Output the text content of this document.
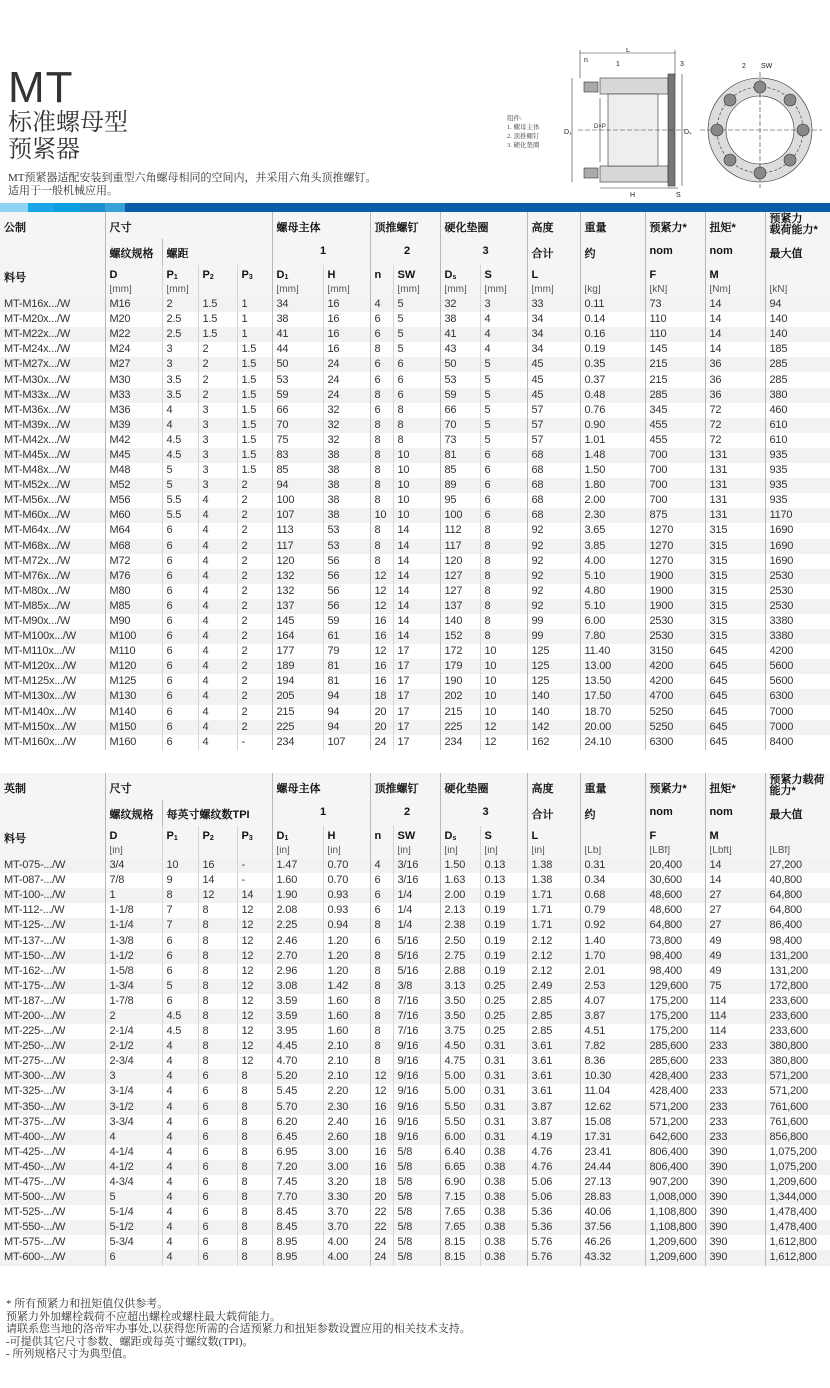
MT
标准螺母型
预紧器
MT预紧器适配安装到重型六角螺母相同的空间内，并采用六角头顶推螺钉。
适用于一般机械应用。
组件:
1. 螺母主体
2. 顶推螺钉
3. 硬化垫圈
L
n
1	3	2 SW
H	S
D₁
D×P
Dₛ
公制	尺寸				螺母主体		顶推螺钉		硬化垫圈		高度	重量	预紧力*	扭矩*	预紧力
载荷能力*
	螺纹规格	螺距			1		2		3		合计	约	nom	nom	最大值
料号	D	$P_1$	$P_2$	$P_3$	$D_1$	H	n	SW	$D_s$	S	L		F	M	
	[mm]	[mm]			[mm]	[mm]		[mm]	[mm]	[mm]	[mm]	[kg]	[kN]	[Nm]	[kN]
MT-M16x.../W	M16	2	1.5	1	34	16	4	5	32	3	33	0.11	73	14	94
MT-M20x.../W	M20	2.5	1.5	1	38	16	6	5	38	4	34	0.14	110	14	140
MT-M22x.../W	M22	2.5	1.5	1	41	16	6	5	41	4	34	0.16	110	14	140
MT-M24x.../W	M24	3	2	1.5	44	16	8	5	43	4	34	0.19	145	14	185
MT-M27x.../W	M27	3	2	1.5	50	24	6	6	50	5	45	0.35	215	36	285
MT-M30x.../W	M30	3.5	2	1.5	53	24	6	6	53	5	45	0.37	215	36	285
MT-M33x.../W	M33	3.5	2	1.5	59	24	8	6	59	5	45	0.48	285	36	380
MT-M36x.../W	M36	4	3	1.5	66	32	6	8	66	5	57	0.76	345	72	460
MT-M39x.../W	M39	4	3	1.5	70	32	8	8	70	5	57	0.90	455	72	610
MT-M42x.../W	M42	4.5	3	1.5	75	32	8	8	73	5	57	1.01	455	72	610
MT-M45x.../W	M45	4.5	3	1.5	83	38	8	10	81	6	68	1.48	700	131	935
MT-M48x.../W	M48	5	3	1.5	85	38	8	10	85	6	68	1.50	700	131	935
MT-M52x.../W	M52	5	3	2	94	38	8	10	89	6	68	1.80	700	131	935
MT-M56x.../W	M56	5.5	4	2	100	38	8	10	95	6	68	2.00	700	131	935
MT-M60x.../W	M60	5.5	4	2	107	38	10	10	100	6	68	2.30	875	131	1170
MT-M64x.../W	M64	6	4	2	113	53	8	14	112	8	92	3.65	1270	315	1690
MT-M68x.../W	M68	6	4	2	117	53	8	14	117	8	92	3.85	1270	315	1690
MT-M72x.../W	M72	6	4	2	120	56	8	14	120	8	92	4.00	1270	315	1690
MT-M76x.../W	M76	6	4	2	132	56	12	14	127	8	92	5.10	1900	315	2530
MT-M80x.../W	M80	6	4	2	132	56	12	14	127	8	92	4.80	1900	315	2530
MT-M85x.../W	M85	6	4	2	137	56	12	14	137	8	92	5.10	1900	315	2530
MT-M90x.../W	M90	6	4	2	145	59	16	14	140	8	99	6.00	2530	315	3380
MT-M100x.../W	M100	6	4	2	164	61	16	14	152	8	99	7.80	2530	315	3380
MT-M110x.../W	M110	6	4	2	177	79	12	17	172	10	125	11.40	3150	645	4200
MT-M120x.../W	M120	6	4	2	189	81	16	17	179	10	125	13.00	4200	645	5600
MT-M125x.../W	M125	6	4	2	194	81	16	17	190	10	125	13.50	4200	645	5600
MT-M130x.../W	M130	6	4	2	205	94	18	17	202	10	140	17.50	4700	645	6300
MT-M140x.../W	M140	6	4	2	215	94	20	17	215	10	140	18.70	5250	645	7000
MT-M150x.../W	M150	6	4	2	225	94	20	17	225	12	142	20.00	5250	645	7000
MT-M160x.../W	M160	6	4	-	234	107	24	17	234	12	162	24.10	6300	645	8400
英制	尺寸				螺母主体		顶推螺钉		硬化垫圈		高度	重量	预紧力*	扭矩*	预紧力载荷
能力*
	螺纹规格	每英寸螺纹数TPI			1		2		3		合计	约	nom	nom	最大值
料号	D	$P_1$	$P_2$	$P_3$	$D_1$	H	n	SW	$D_s$	S	L		F	M	
	[in]				[in]	[in]		[in]	[in]	[in]	[in]	[Lb]	[LBf]	[Lbft]	[LBf]
MT-075-.../W	3/4	10	16	-	1.47	0.70	4	3/16	1.50	0.13	1.38	0.31	20,400	14	27,200
MT-087-.../W	7/8	9	14	-	1.60	0.70	6	3/16	1.63	0.13	1.38	0.34	30,600	14	40,800
MT-100-.../W	1	8	12	14	1.90	0.93	6	1/4	2.00	0.19	1.71	0.68	48,600	27	64,800
MT-112-.../W	1-1/8	7	8	12	2.08	0.93	6	1/4	2.13	0.19	1.71	0.79	48,600	27	64,800
MT-125-.../W	1-1/4	7	8	12	2.25	0.94	8	1/4	2.38	0.19	1.71	0.92	64,800	27	86,400
MT-137-.../W	1-3/8	6	8	12	2.46	1.20	6	5/16	2.50	0.19	2.12	1.40	73,800	49	98,400
MT-150-.../W	1-1/2	6	8	12	2.70	1.20	8	5/16	2.75	0.19	2.12	1.70	98,400	49	131,200
MT-162-.../W	1-5/8	6	8	12	2.96	1.20	8	5/16	2.88	0.19	2.12	2.01	98,400	49	131,200
MT-175-.../W	1-3/4	5	8	12	3.08	1.42	8	3/8	3.13	0.25	2.49	2.53	129,600	75	172,800
MT-187-.../W	1-7/8	6	8	12	3.59	1.60	8	7/16	3.50	0.25	2.85	4.07	175,200	114	233,600
MT-200-.../W	2	4.5	8	12	3.59	1.60	8	7/16	3.50	0.25	2.85	3.87	175,200	114	233,600
MT-225-.../W	2-1/4	4.5	8	12	3.95	1.60	8	7/16	3.75	0.25	2.85	4.51	175,200	114	233,600
MT-250-.../W	2-1/2	4	8	12	4.45	2.10	8	9/16	4.50	0.31	3.61	7.82	285,600	233	380,800
MT-275-.../W	2-3/4	4	8	12	4.70	2.10	8	9/16	4.75	0.31	3.61	8.36	285,600	233	380,800
MT-300-.../W	3	4	6	8	5.20	2.10	12	9/16	5.00	0.31	3.61	10.30	428,400	233	571,200
MT-325-.../W	3-1/4	4	6	8	5.45	2.20	12	9/16	5.00	0.31	3.61	11.04	428,400	233	571,200
MT-350-.../W	3-1/2	4	6	8	5.70	2.30	16	9/16	5.50	0.31	3.87	12.62	571,200	233	761,600
MT-375-.../W	3-3/4	4	6	8	6.20	2.40	16	9/16	5.50	0.31	3.87	15.08	571,200	233	761,600
MT-400-.../W	4	4	6	8	6.45	2.60	18	9/16	6.00	0.31	4.19	17.31	642,600	233	856,800
MT-425-.../W	4-1/4	4	6	8	6.95	3.00	16	5/8	6.40	0.38	4.76	23.41	806,400	390	1,075,200
MT-450-.../W	4-1/2	4	6	8	7.20	3.00	16	5/8	6.65	0.38	4.76	24.44	806,400	390	1,075,200
MT-475-.../W	4-3/4	4	6	8	7.45	3.20	18	5/8	6.90	0.38	5.06	27.13	907,200	390	1,209,600
MT-500-.../W	5	4	6	8	7.70	3.30	20	5/8	7.15	0.38	5.06	28.83	1,008,000	390	1,344,000
MT-525-.../W	5-1/4	4	6	8	8.45	3.70	22	5/8	7.65	0.38	5.36	40.06	1,108,800	390	1,478,400
MT-550-.../W	5-1/2	4	6	8	8.45	3.70	22	5/8	7.65	0.38	5.36	37.56	1,108,800	390	1,478,400
MT-575-.../W	5-3/4	4	6	8	8.95	4.00	24	5/8	8.15	0.38	5.76	46.26	1,209,600	390	1,612,800
MT-600-.../W	6	4	6	8	8.95	4.00	24	5/8	8.15	0.38	5.76	43.32	1,209,600	390	1,612,800
* 所有预紧力和扭矩值仅供参考。
预紧力外加螺栓载荷不应超出螺栓或螺柱最大载荷能力。
请联系您当地的洛帝牢办事处,以获得您所需的合适预紧力和扭矩参数设置应用的相关技术支持。
-可提供其它尺寸参数、螺距或每英寸螺纹数(TPI)。
- 所列规格尺寸为典型值。
